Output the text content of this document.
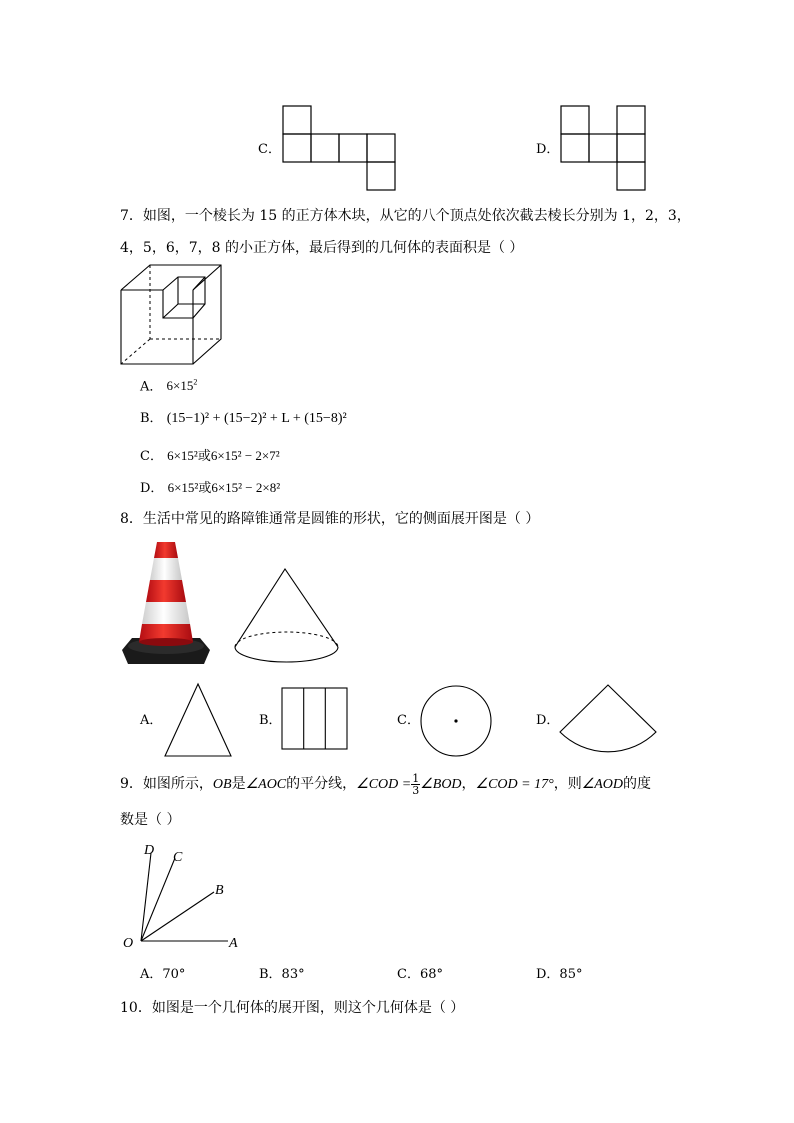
C．	D．
7．如图，一个棱长为 15 的正方体木块，从它的八个顶点处依次截去棱长分别为 1，2，3，
4，5，6，7，8 的小正方体，最后得到的几何体的表面积是（ ）
A． $6\times 15^2$
B． (15−1)² + (15−2)² + L + (15−8)²
C． 6×15²或6×15² − 2×7²
D． 6×15²或6×15² − 2×8²
8．生活中常见的路障锥通常是圆锥的形状，它的侧面展开图是（ ）
A．	B．	C．	D．
9．如图所示，OB是∠AOC的平分线，∠COD = $\frac{1}{3}$ ∠BOD，∠COD = 17°，则∠AOD的度
数是（ ）
D C
B
O	A
A．70°	B．83°	C．68°	D．85°
10．如图是一个几何体的展开图，则这个几何体是（ ）
